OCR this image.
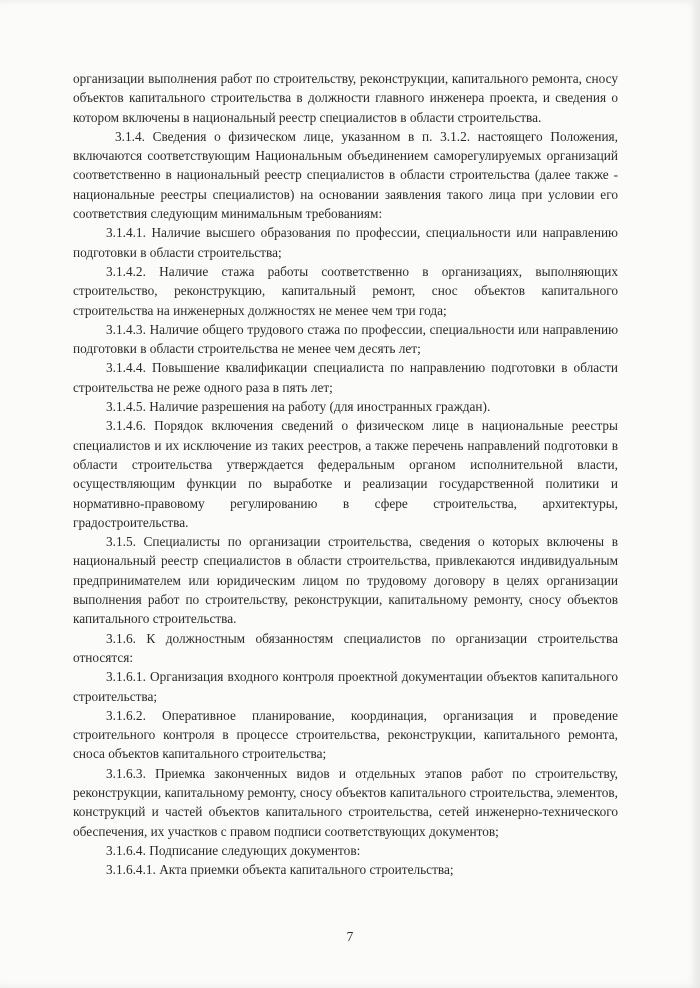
организации выполнения работ по строительству, реконструкции, капитального ремонта, сносу объектов капитального строительства в должности главного инженера проекта, и сведения о котором включены в национальный реестр специалистов в области строительства.

3.1.4. Сведения о физическом лице, указанном в п. 3.1.2. настоящего Положения, включаются соответствующим Национальным объединением саморегулируемых организаций соответственно в национальный реестр специалистов в области строительства (далее также - национальные реестры специалистов) на основании заявления такого лица при условии его соответствия следующим минимальным требованиям:

3.1.4.1. Наличие высшего образования по профессии, специальности или направлению подготовки в области строительства;

3.1.4.2. Наличие стажа работы соответственно в организациях, выполняющих строительство, реконструкцию, капитальный ремонт, снос объектов капитального строительства на инженерных должностях не менее чем три года;

3.1.4.3. Наличие общего трудового стажа по профессии, специальности или направлению подготовки в области строительства не менее чем десять лет;

3.1.4.4. Повышение квалификации специалиста по направлению подготовки в области строительства не реже одного раза в пять лет;

3.1.4.5. Наличие разрешения на работу (для иностранных граждан).

3.1.4.6. Порядок включения сведений о физическом лице в национальные реестры специалистов и их исключение из таких реестров, а также перечень направлений подготовки в области строительства утверждается федеральным органом исполнительной власти, осуществляющим функции по выработке и реализации государственной политики и нормативно-правовому регулированию в сфере строительства, архитектуры, градостроительства.

3.1.5. Специалисты по организации строительства, сведения о которых включены в национальный реестр специалистов в области строительства, привлекаются индивидуальным предпринимателем или юридическим лицом по трудовому договору в целях организации выполнения работ по строительству, реконструкции, капитальному ремонту, сносу объектов капитального строительства.

3.1.6. К должностным обязанностям специалистов по организации строительства относятся:

3.1.6.1. Организация входного контроля проектной документации объектов капитального строительства;

3.1.6.2. Оперативное планирование, координация, организация и проведение строительного контроля в процессе строительства, реконструкции, капитального ремонта, сноса объектов капитального строительства;

3.1.6.3. Приемка законченных видов и отдельных этапов работ по строительству, реконструкции, капитальному ремонту, сносу объектов капитального строительства, элементов, конструкций и частей объектов капитального строительства, сетей инженерно-технического обеспечения, их участков с правом подписи соответствующих документов;

3.1.6.4. Подписание следующих документов:

3.1.6.4.1. Акта приемки объекта капитального строительства;

7
